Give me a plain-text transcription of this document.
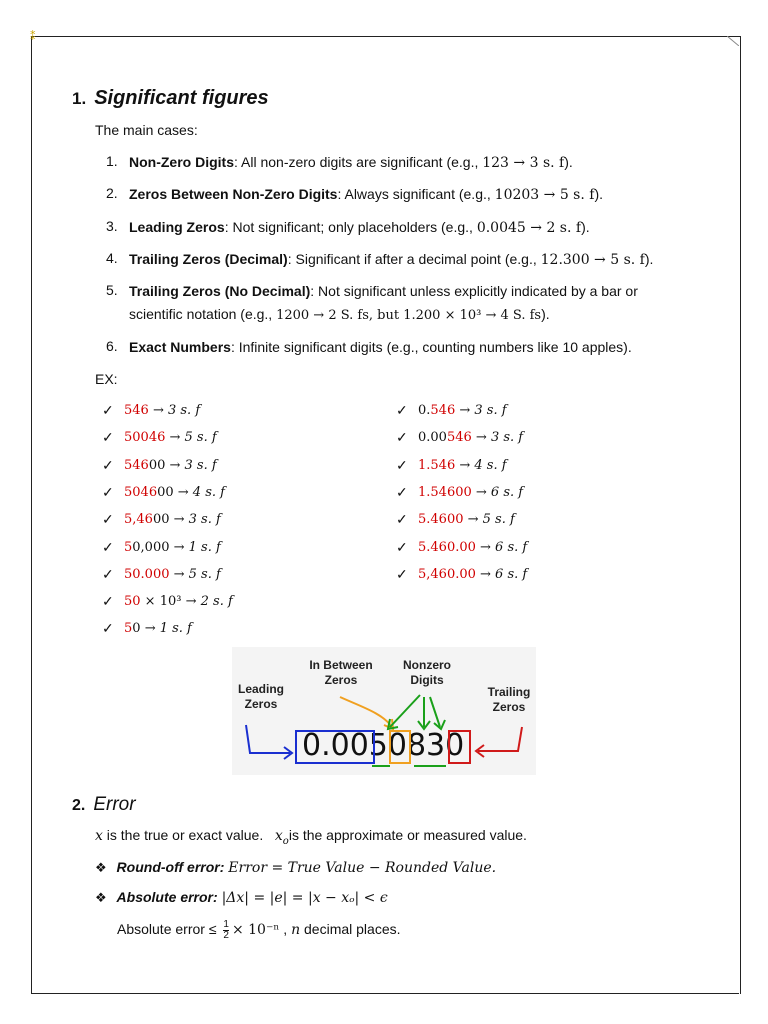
⁑
1. Significant figures
The main cases:
1. Non-Zero Digits: All non-zero digits are significant (e.g., 123 → 3 s. f).
2. Zeros Between Non-Zero Digits: Always significant (e.g., 10203 → 5 s. f).
3. Leading Zeros: Not significant; only placeholders (e.g., 0.0045 → 2 s. f).
4. Trailing Zeros (Decimal): Significant if after a decimal point (e.g., 12.300 → 5 s. f).
5. Trailing Zeros (No Decimal): Not significant unless explicitly indicated by a bar or
scientific notation (e.g., 1200 → 2 S. fs, but 1.200 × 10³ → 4 S. fs).
6. Exact Numbers: Infinite significant digits (e.g., counting numbers like 10 apples).
EX:
✓ 546 → 3 s. f
✓ 50046 → 5 s. f
✓ 54600 → 3 s. f
✓ 504600 → 4 s. f
✓ 5,4600 → 3 s. f
✓ 50,000 → 1 s. f
✓ 50.000 → 5 s. f
✓ 50 × 10³ → 2 s. f
✓ 50 → 1 s. f
✓ 0.546 → 3 s. f
✓ 0.00546 → 3 s. f
✓ 1.546 → 4 s. f
✓ 1.54600 → 6 s. f
✓ 5.4600 → 5 s. f
✓ 5.460.00 → 6 s. f
✓ 5,460.00 → 6 s. f
Leading
Zeros
In Between
Zeros
Nonzero
Digits
Trailing
Zeros
0.0050830
2. Error
x is the true or exact value.   $x_ois$ the approximate or measured value.
❖ Round-off error: Error = True Value − Rounded Value.
❖ Absolute error: |Δx| = |e| = |x − xₒ| < ϵ
Absolute error ≤ $\frac{1}{2} \times 10^{-n}$ , n decimal places.
